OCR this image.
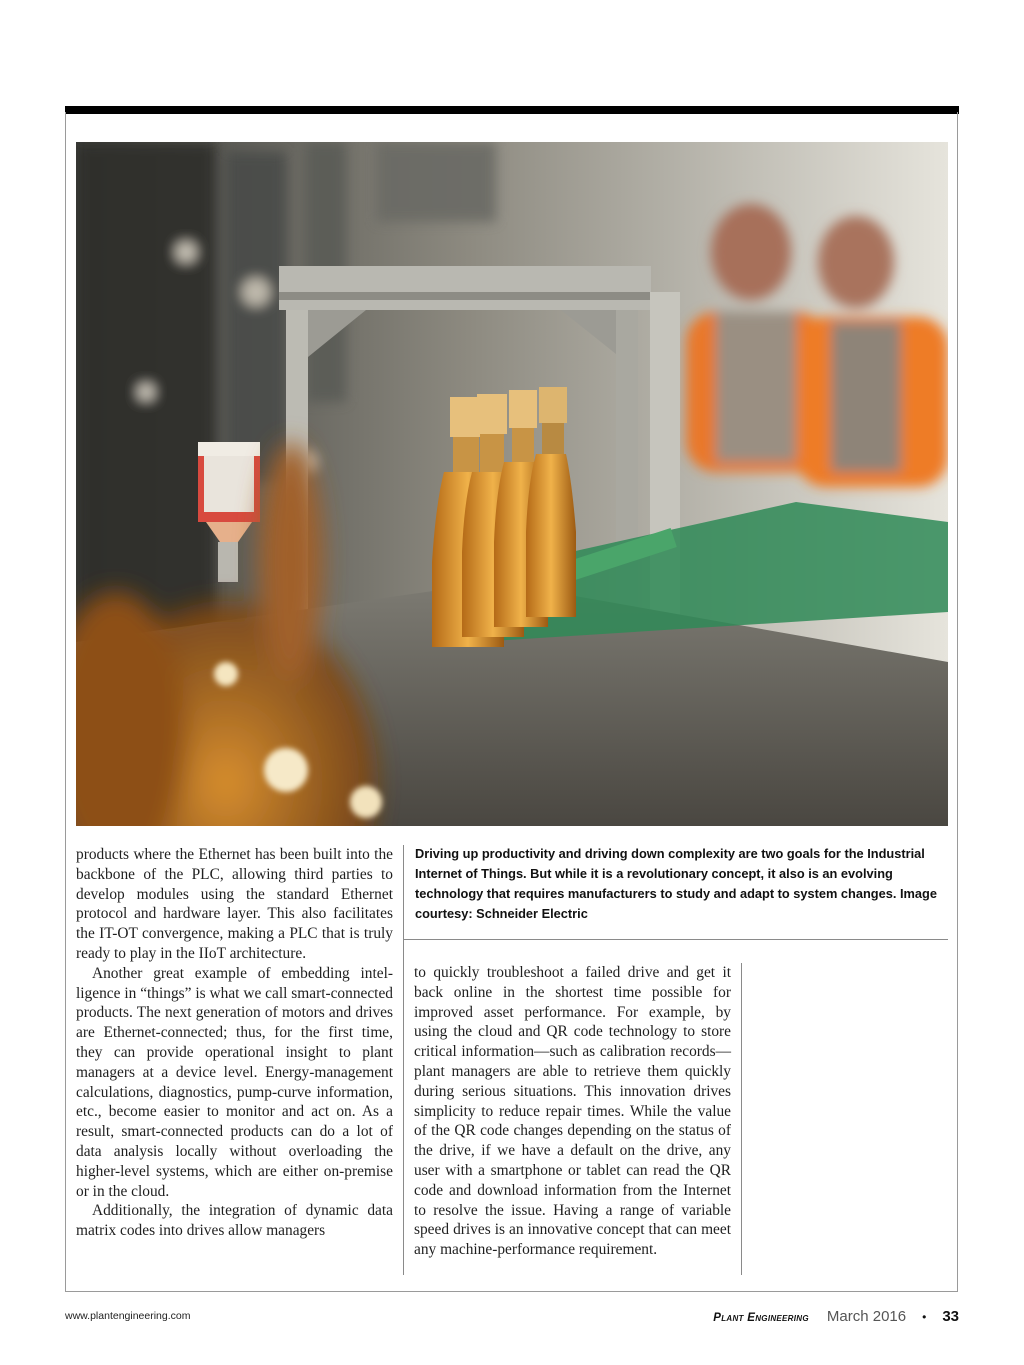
products where the Ethernet has been built into the backbone of the PLC, allowing third parties to develop modules using the standard Ethernet protocol and hardware layer. This also facilitates the IT-OT convergence, making a PLC that is truly ready to play in the IIoT architecture.

Another great example of embedding intelligence in “things” is what we call smart-connected products. The next generation of motors and drives are Ethernet-connected; thus, for the first time, they can provide operational insight to plant managers at a device level. Energy-management calculations, diagnostics, pump-curve information, etc., become easier to monitor and act on. As a result, smart-connected products can do a lot of data analysis locally without overloading the higher-level systems, which are either on-premise or in the cloud.

Additionally, the integration of dynamic data matrix codes into drives allow managers

Driving up productivity and driving down complexity are two goals for the Industrial Internet of Things. But while it is a revolutionary concept, it also is an evolving technology that requires manufacturers to study and adapt to system changes. Image courtesy: Schneider Electric

to quickly troubleshoot a failed drive and get it back online in the shortest time possible for improved asset performance. For example, by using the cloud and QR code technology to store critical information—such as calibration records—plant managers are able to retrieve them quickly during serious situations. This innovation drives simplicity to reduce repair times. While the value of the QR code changes depending on the status of the drive, if we have a default on the drive, any user with a smartphone or tablet can read the QR code and download information from the Internet to resolve the issue. Having a range of variable speed drives is an innovative concept that can meet any machine-performance requirement.

www.plantengineering.com	Plant Engineering March 2016 • 33
